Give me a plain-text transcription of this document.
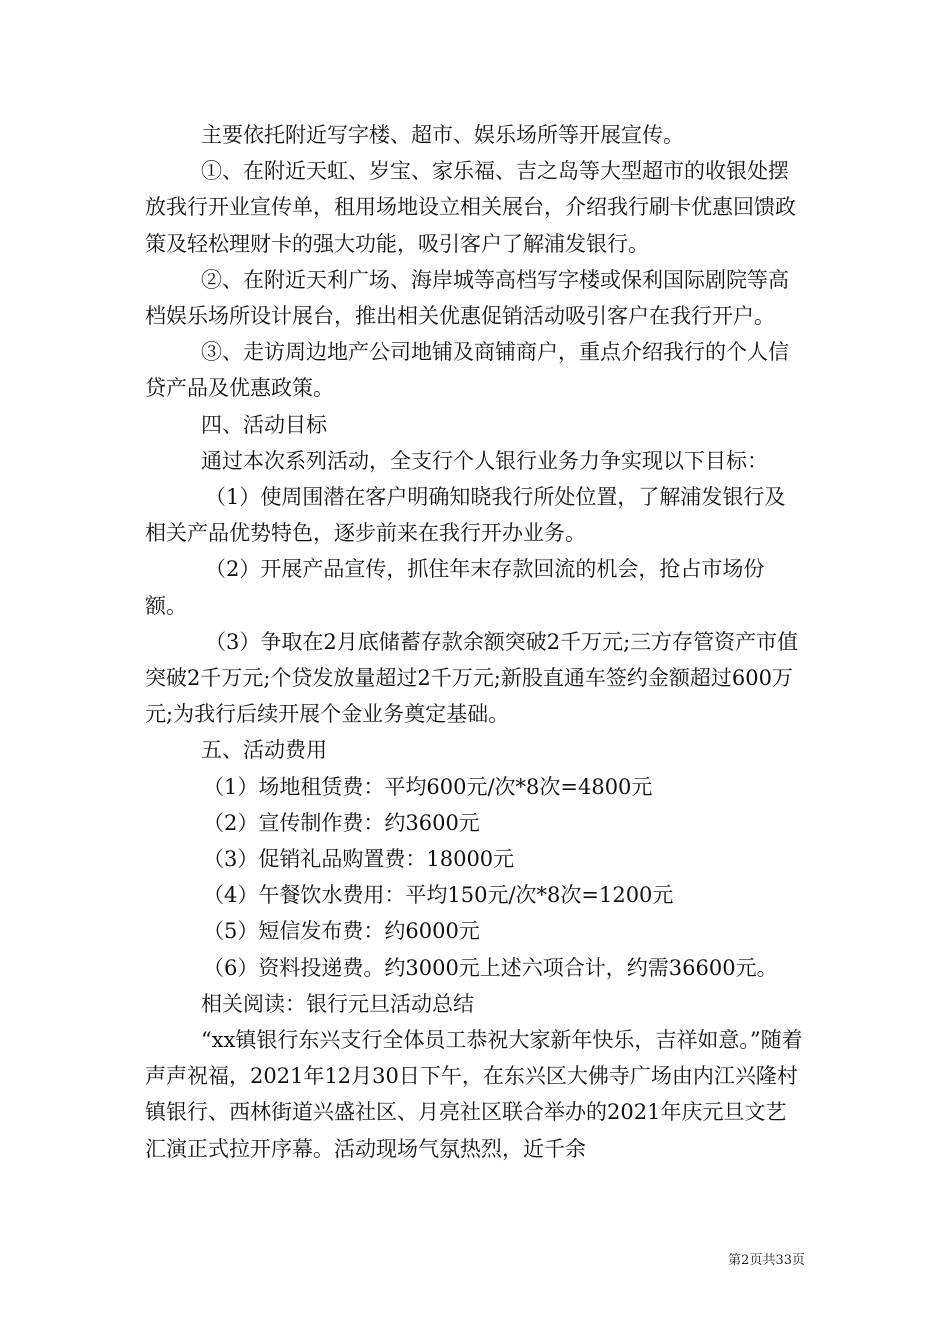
主要依托附近写字楼、超市、娱乐场所等开展宣传。

①、在附近天虹、岁宝、家乐福、吉之岛等大型超市的收银处摆放我行开业宣传单，租用场地设立相关展台，介绍我行刷卡优惠回馈政策及轻松理财卡的强大功能，吸引客户了解浦发银行。

②、在附近天利广场、海岸城等高档写字楼或保利国际剧院等高档娱乐场所设计展台，推出相关优惠促销活动吸引客户在我行开户。

③、走访周边地产公司地铺及商铺商户，重点介绍我行的个人信贷产品及优惠政策。

四、活动目标

通过本次系列活动，全支行个人银行业务力争实现以下目标：

（1）使周围潜在客户明确知晓我行所处位置，了解浦发银行及相关产品优势特色，逐步前来在我行开办业务。

（2）开展产品宣传，抓住年末存款回流的机会，抢占市场份额。

（3）争取在2月底储蓄存款余额突破2千万元;三方存管资产市值突破2千万元;个贷发放量超过2千万元;新股直通车签约金额超过600万元;为我行后续开展个金业务奠定基础。

五、活动费用

（1）场地租赁费：平均600元/次*8次=4800元

（2）宣传制作费：约3600元

（3）促销礼品购置费：18000元

（4）午餐饮水费用：平均150元/次*8次=1200元

（5）短信发布费：约6000元

（6）资料投递费。约3000元上述六项合计，约需36600元。

相关阅读：银行元旦活动总结

“xx镇银行东兴支行全体员工恭祝大家新年快乐，吉祥如意。”随着声声祝福，2021年12月30日下午，在东兴区大佛寺广场由内江兴隆村镇银行、西林街道兴盛社区、月亮社区联合举办的2021年庆元旦文艺汇演正式拉开序幕。活动现场气氛热烈，近千余

第2页共33页
